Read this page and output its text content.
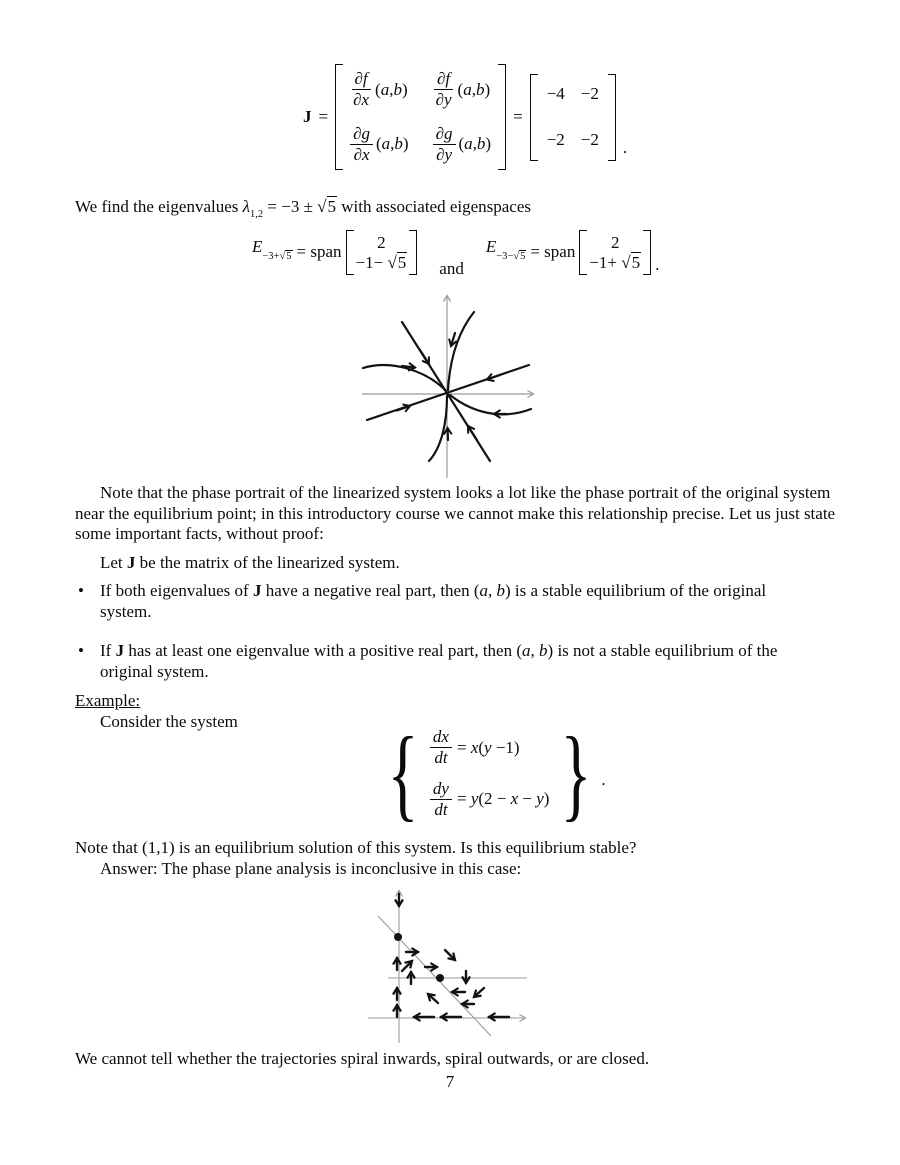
J =
$\frac{\partial f}{\partial x} (a,b) \frac{\partial f}{\partial y} (a,b)$
$\frac{\partial g}{\partial x} (a,b) \frac{\partial g}{\partial y} (a,b)$
=
−4 −2
−2 −2 .
We find the eigenvalues $\lambda_{1,2} = -3 \pm √5$ with associated eigenspaces
$E_{-3+√5}$ = span 2
−1− √5 and
$E_{-3-√5}$ = span 2
−1+ √5 .
Note that the phase portrait of the linearized system looks a lot like the phase portrait of the original system near the equilibrium point; in this introductory course we cannot make this relationship precise. Let us just state some important facts, without proof:
Let J be the matrix of the linearized system.
• If both eigenvalues of J have a negative real part, then (a, b) is a stable equilibrium of the original system.
• If J has at least one eigenvalue with a positive real part, then (a, b) is not a stable equilibrium of the original system.
Example:
Consider the system { $\frac{dx}{dt} = x(y -1)$
$\frac{dy}{dt} = y(2 - x - y)$ } .
Note that (1,1) is an equilibrium solution of this system. Is this equilibrium stable?
Answer: The phase plane analysis is inconclusive in this case:
We cannot tell whether the trajectories spiral inwards, spiral outwards, or are closed.
7
